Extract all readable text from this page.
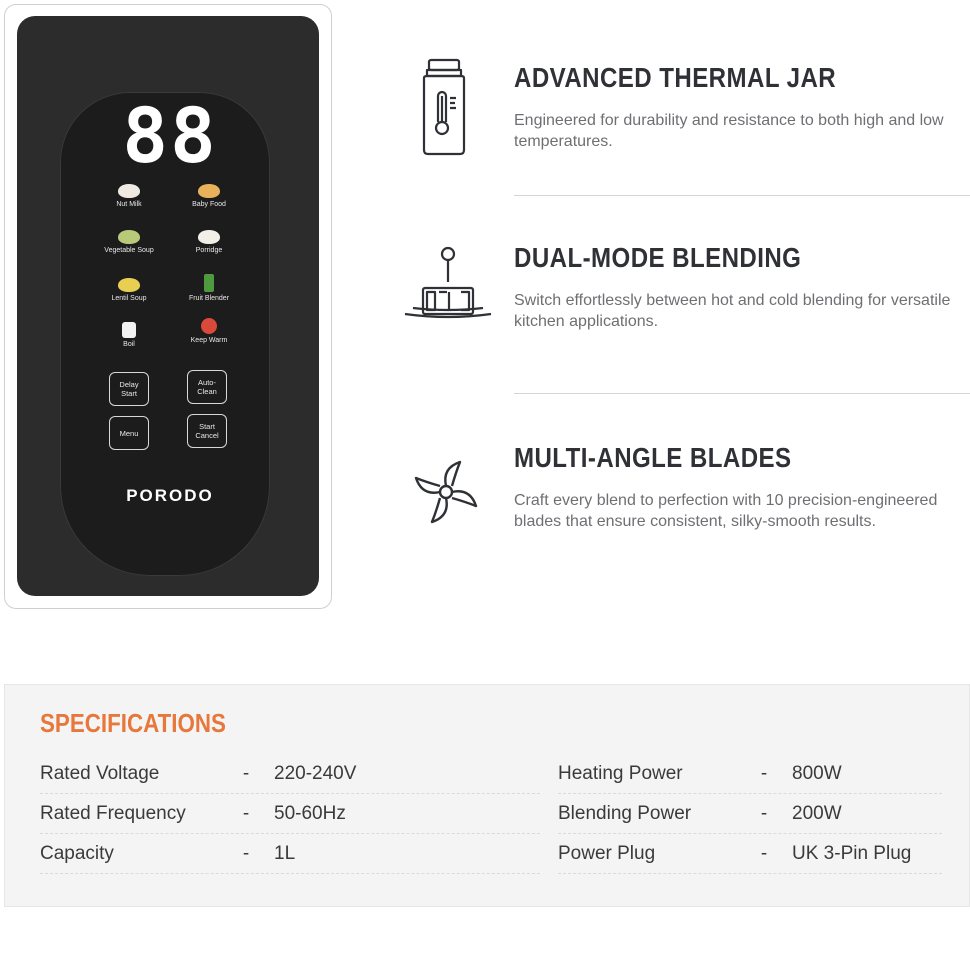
88
Nut Milk	Baby Food
Vegetable Soup	Porridge
Lentil Soup	Fruit Blender
Boil
Keep Warm
Delay
Start
Auto-
Clean
Menu
Start
Cancel
PORODO
ADVANCED THERMAL JAR
Engineered for durability and resistance to both high and low temperatures.
DUAL-MODE BLENDING
Switch effortlessly between hot and cold blending for versatile kitchen applications.
MULTI-ANGLE BLADES
Craft every blend to perfection with 10 precision-engineered blades that ensure consistent, silky-smooth results.
SPECIFICATIONS
Rated Voltage	- 220-240V
Rated Frequency	- 50-60Hz
Capacity	- 1L
Heating Power	- 800W
Blending Power	- 200W
Power Plug	- UK 3-Pin Plug
